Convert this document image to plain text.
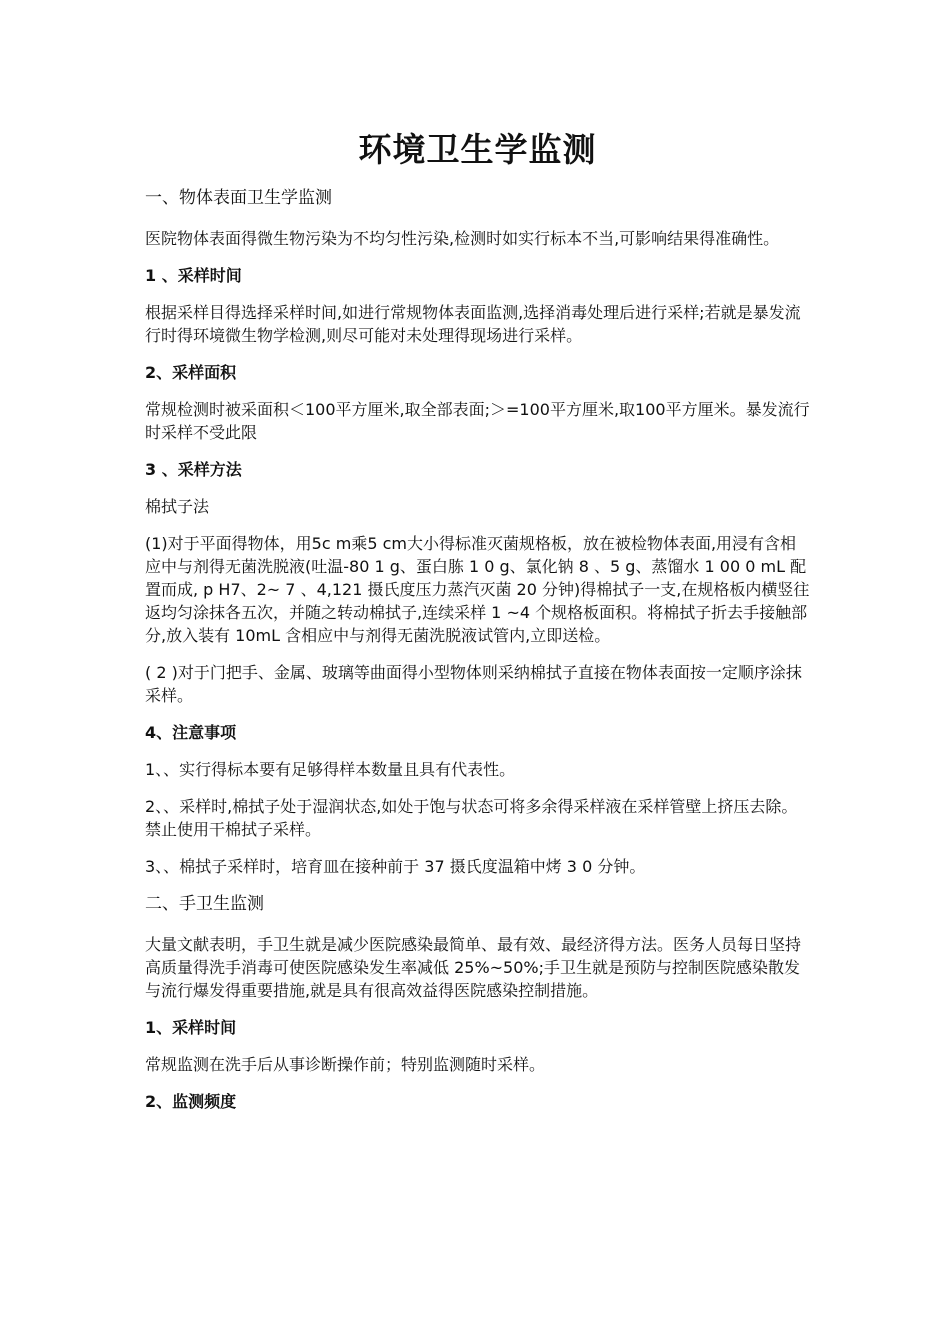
环境卫生学监测
一、物体表面卫生学监测

医院物体表面得微生物污染为不均匀性污染,检测时如实行标本不当,可影响结果得准确性。

1 、采样时间

根据采样目得选择采样时间,如进行常规物体表面监测,选择消毒处理后进行采样;若就是暴发流行时得环境微生物学检测,则尽可能对未处理得现场进行采样。

2、采样面积

常规检测时被采面积＜100平方厘米,取全部表面;＞=100平方厘米,取100平方厘米。暴发流行时采样不受此限

3 、采样方法

棉拭子法

(1)对于平面得物体，用5c m乘5 cm大小得标准灭菌规格板，放在被检物体表面,用浸有含相应中与剂得无菌洗脱液(吐温-80 1 g、蛋白胨 1 0 g、氯化钠 8 、5 g、蒸馏水 1 00 0 mL 配置而成, p H7、2~ 7 、4,121 摄氏度压力蒸汽灭菌 20 分钟)得棉拭子一支,在规格板内横竖往返均匀涂抹各五次，并随之转动棉拭子,连续采样 1 ~4 个规格板面积。将棉拭子折去手接触部分,放入装有 10mL 含相应中与剂得无菌洗脱液试管内,立即送检。

( 2 )对于门把手、金属、玻璃等曲面得小型物体则采纳棉拭子直接在物体表面按一定顺序涂抹采样。

4、注意事项

1、、实行得标本要有足够得样本数量且具有代表性。

2、、采样时,棉拭子处于湿润状态,如处于饱与状态可将多余得采样液在采样管壁上挤压去除。禁止使用干棉拭子采样。

3、、棉拭子采样时，培育皿在接种前于 37 摄氏度温箱中烤 3 0 分钟。

二、手卫生监测

大量文献表明，手卫生就是减少医院感染最简单、最有效、最经济得方法。医务人员每日坚持高质量得洗手消毒可使医院感染发生率减低 25%~50%;手卫生就是预防与控制医院感染散发与流行爆发得重要措施,就是具有很高效益得医院感染控制措施。

1、采样时间

常规监测在洗手后从事诊断操作前；特别监测随时采样。

2、监测频度
